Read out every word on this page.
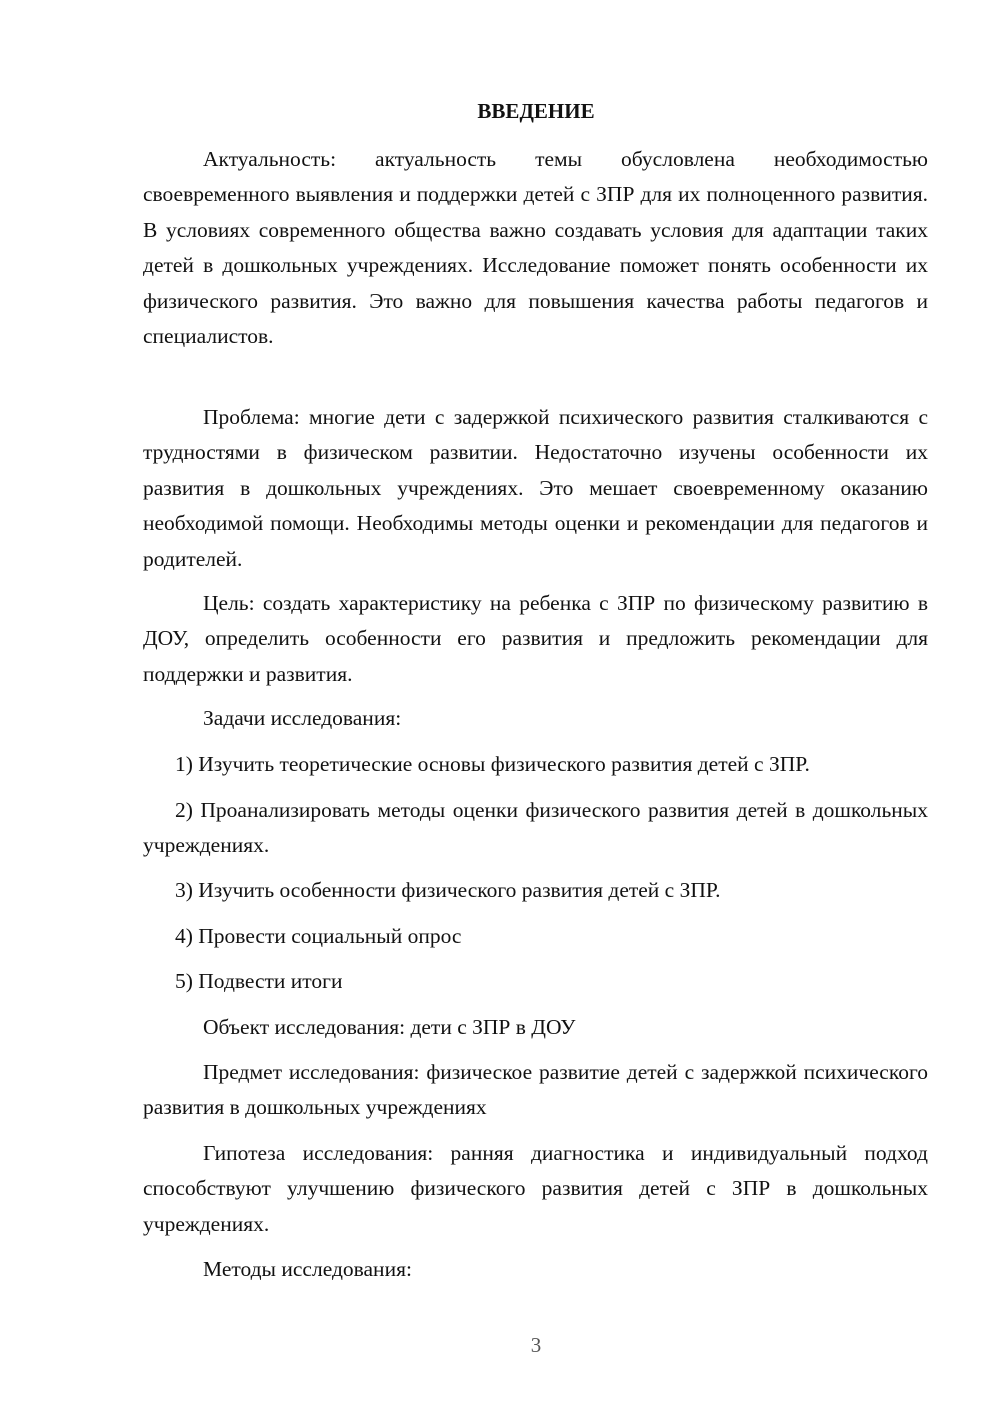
ВВЕДЕНИЕ

Актуальность: актуальность темы обусловлена необходимостью своевременного выявления и поддержки детей с ЗПР для их полноценного развития. В условиях современного общества важно создавать условия для адаптации таких детей в дошкольных учреждениях. Исследование поможет понять особенности их физического развития. Это важно для повышения качества работы педагогов и специалистов.

Проблема: многие дети с задержкой психического развития сталкиваются с трудностями в физическом развитии. Недостаточно изучены особенности их развития в дошкольных учреждениях. Это мешает своевременному оказанию необходимой помощи. Необходимы методы оценки и рекомендации для педагогов и родителей.

Цель: создать характеристику на ребенка с ЗПР по физическому развитию в ДОУ, определить особенности его развития и предложить рекомендации для поддержки и развития.

Задачи исследования:

1) Изучить теоретические основы физического развития детей с ЗПР.

2) Проанализировать методы оценки физического развития детей в дошкольных учреждениях.

3) Изучить особенности физического развития детей с ЗПР.

4) Провести социальный опрос

5) Подвести итоги

Объект исследования: дети с ЗПР в ДОУ

Предмет исследования: физическое развитие детей с задержкой психического развития в дошкольных учреждениях

Гипотеза исследования: ранняя диагностика и индивидуальный подход способствуют улучшению физического развития детей с ЗПР в дошкольных учреждениях.

Методы исследования:

3
